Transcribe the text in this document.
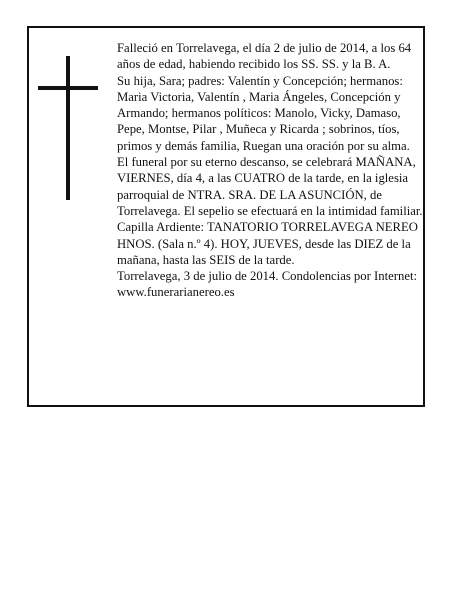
Falleció en Torrelavega, el día 2 de julio de 2014, a los 64 años de edad, habiendo recibido los SS. SS. y la B. A.

Su hija, Sara; padres: Valentín y Concepción; hermanos: Maria Victoria, Valentín , Maria Ángeles, Concepción y Armando; hermanos políticos: Manolo, Vicky, Damaso, Pepe, Montse, Pilar , Muñeca y Ricarda ; sobrinos, tíos, primos y demás familia, Ruegan una oración por su alma. El funeral por su eterno descanso, se celebrará MAÑANA, VIERNES, día 4, a las CUATRO de la tarde, en la iglesia parroquial de NTRA. SRA. DE LA ASUNCIÓN, de Torrelavega. El sepelio se efectuará en la intimidad familiar. Capilla Ardiente: TANATORIO TORRELAVEGA NEREO HNOS. (Sala n.º 4). HOY, JUEVES, desde las DIEZ de la mañana, hasta las SEIS de la tarde.

Torrelavega, 3 de julio de 2014. Condolencias por Internet: www.funerarianereo.es
